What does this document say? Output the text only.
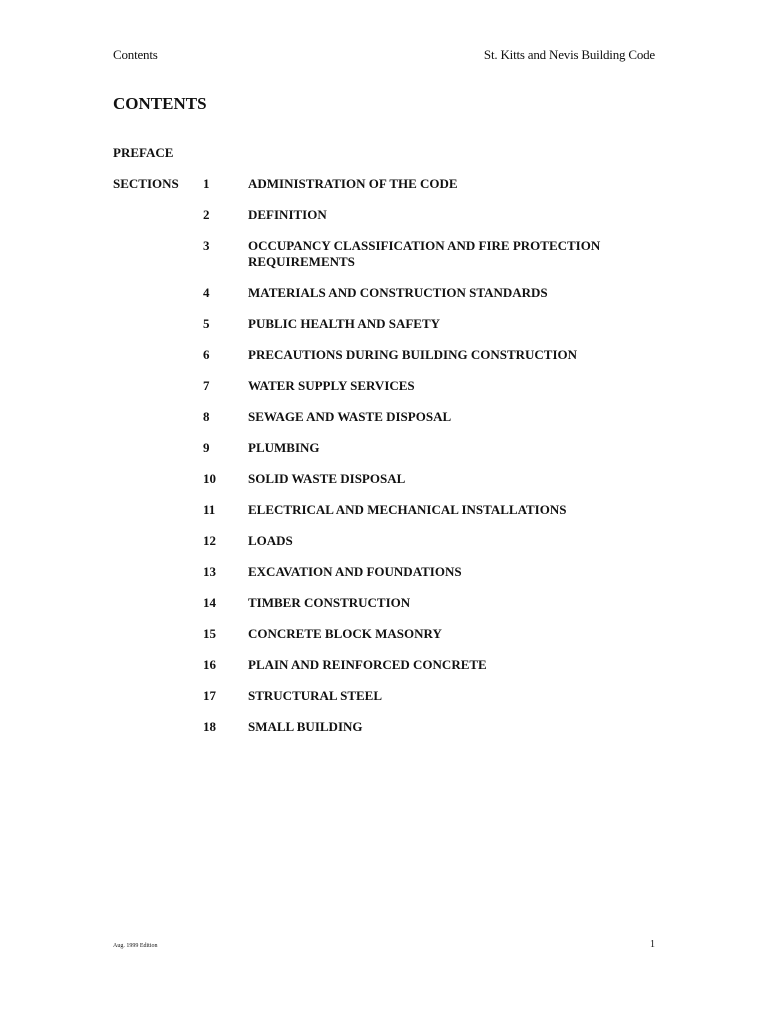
Contents	St. Kitts and Nevis Building Code
CONTENTS
PREFACE
SECTIONS 1	ADMINISTRATION OF THE CODE
2	DEFINITION
3	OCCUPANCY CLASSIFICATION AND FIRE PROTECTION REQUIREMENTS
4	MATERIALS AND CONSTRUCTION STANDARDS
5	PUBLIC HEALTH AND SAFETY
6	PRECAUTIONS DURING BUILDING CONSTRUCTION
7	WATER SUPPLY SERVICES
8	SEWAGE AND WASTE DISPOSAL
9	PLUMBING
10 SOLID WASTE DISPOSAL
11	ELECTRICAL AND MECHANICAL INSTALLATIONS
12 LOADS
13 EXCAVATION AND FOUNDATIONS
14 TIMBER CONSTRUCTION
15 CONCRETE BLOCK MASONRY
16 PLAIN AND REINFORCED CONCRETE
17 STRUCTURAL STEEL
18 SMALL BUILDING
Aug. 1999 Edition	1
